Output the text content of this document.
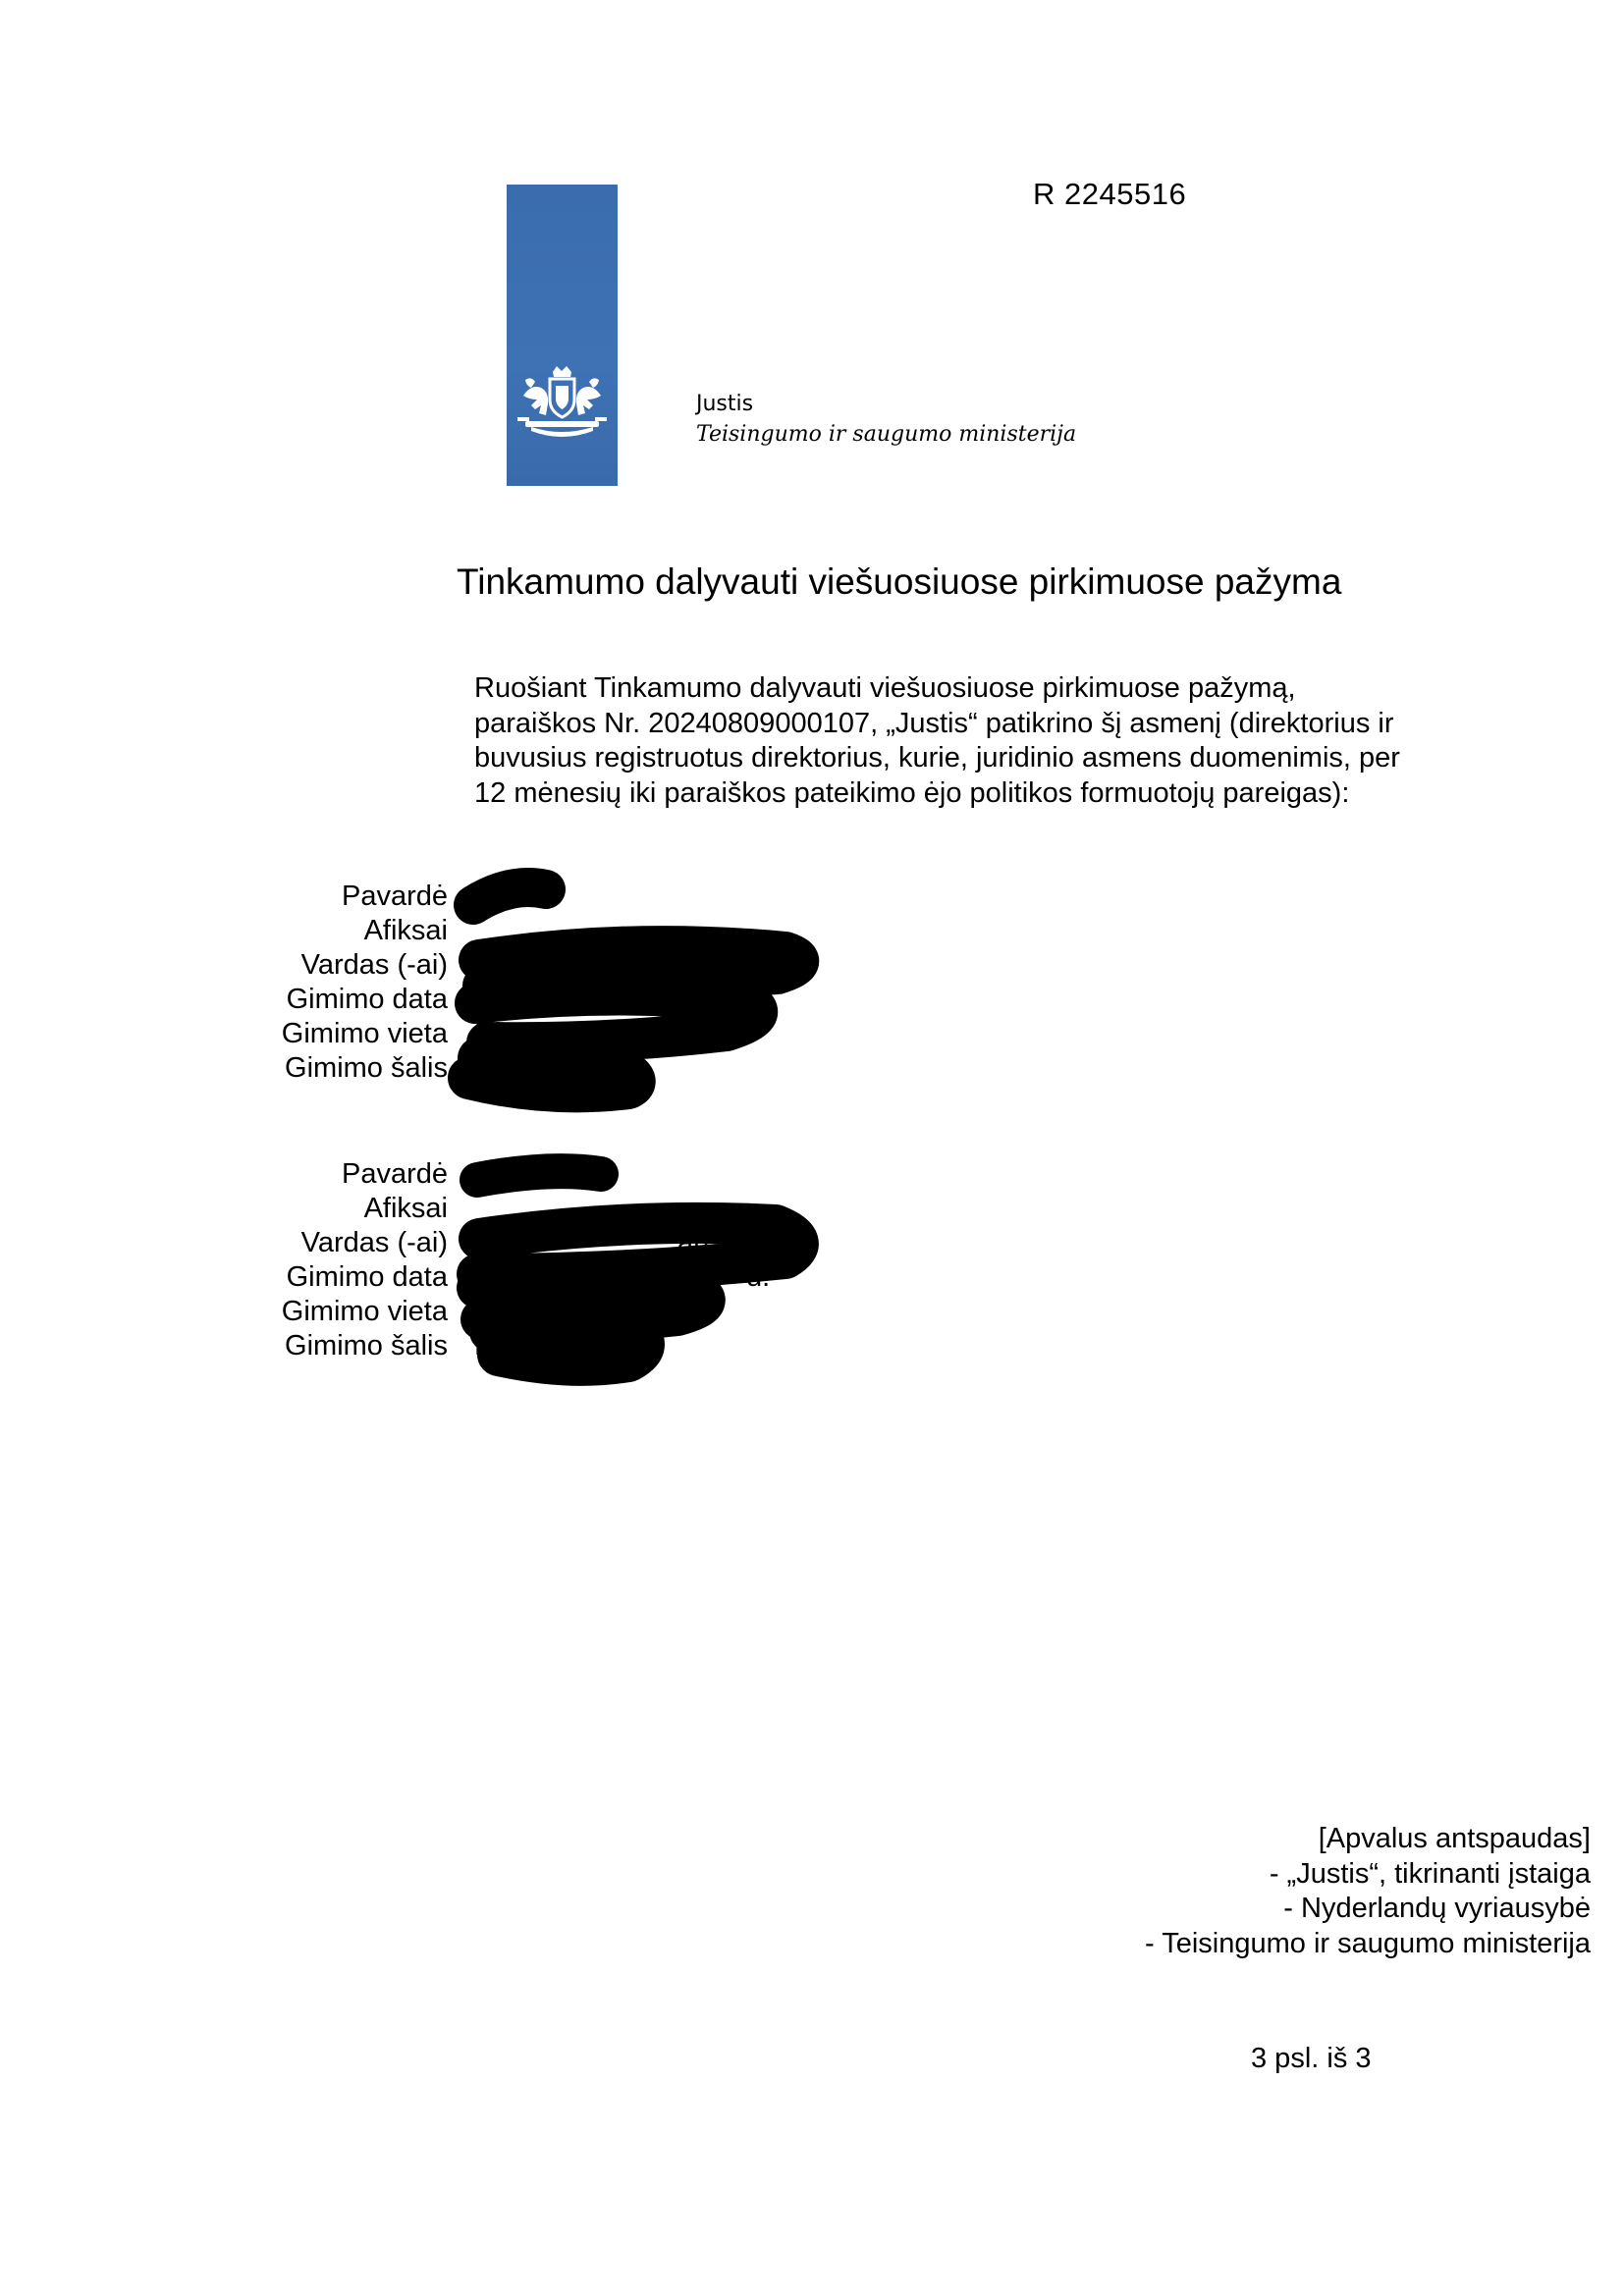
R 2245516
Justis
Teisingumo ir saugumo ministerija
Tinkamumo dalyvauti viešuosiuose pirkimuose pažyma
Ruošiant Tinkamumo dalyvauti viešuosiuose pirkimuose pažymą,
paraiškos Nr. 20240809000107, „Justis“ patikrino šį asmenį (direktorius ir
buvusius registruotus direktorius, kurie, juridinio asmens duomenimis, per
12 mėnesių iki paraiškos pateikimo ėjo politikos formuotojų pareigas):
Pavardė
Afiksai
Vardas (-ai)
Gimimo data
Gimimo vieta
Gimimo šalis
Ni
erlan
Pavardė
Afiksai
Vardas (-ai)
Gimimo data
Gimimo vieta
Gimimo šalis
an W
d.
N
[Apvalus antspaudas]
- „Justis“, tikrinanti įstaiga
- Nyderlandų vyriausybė
- Teisingumo ir saugumo ministerija
3 psl. iš 3
